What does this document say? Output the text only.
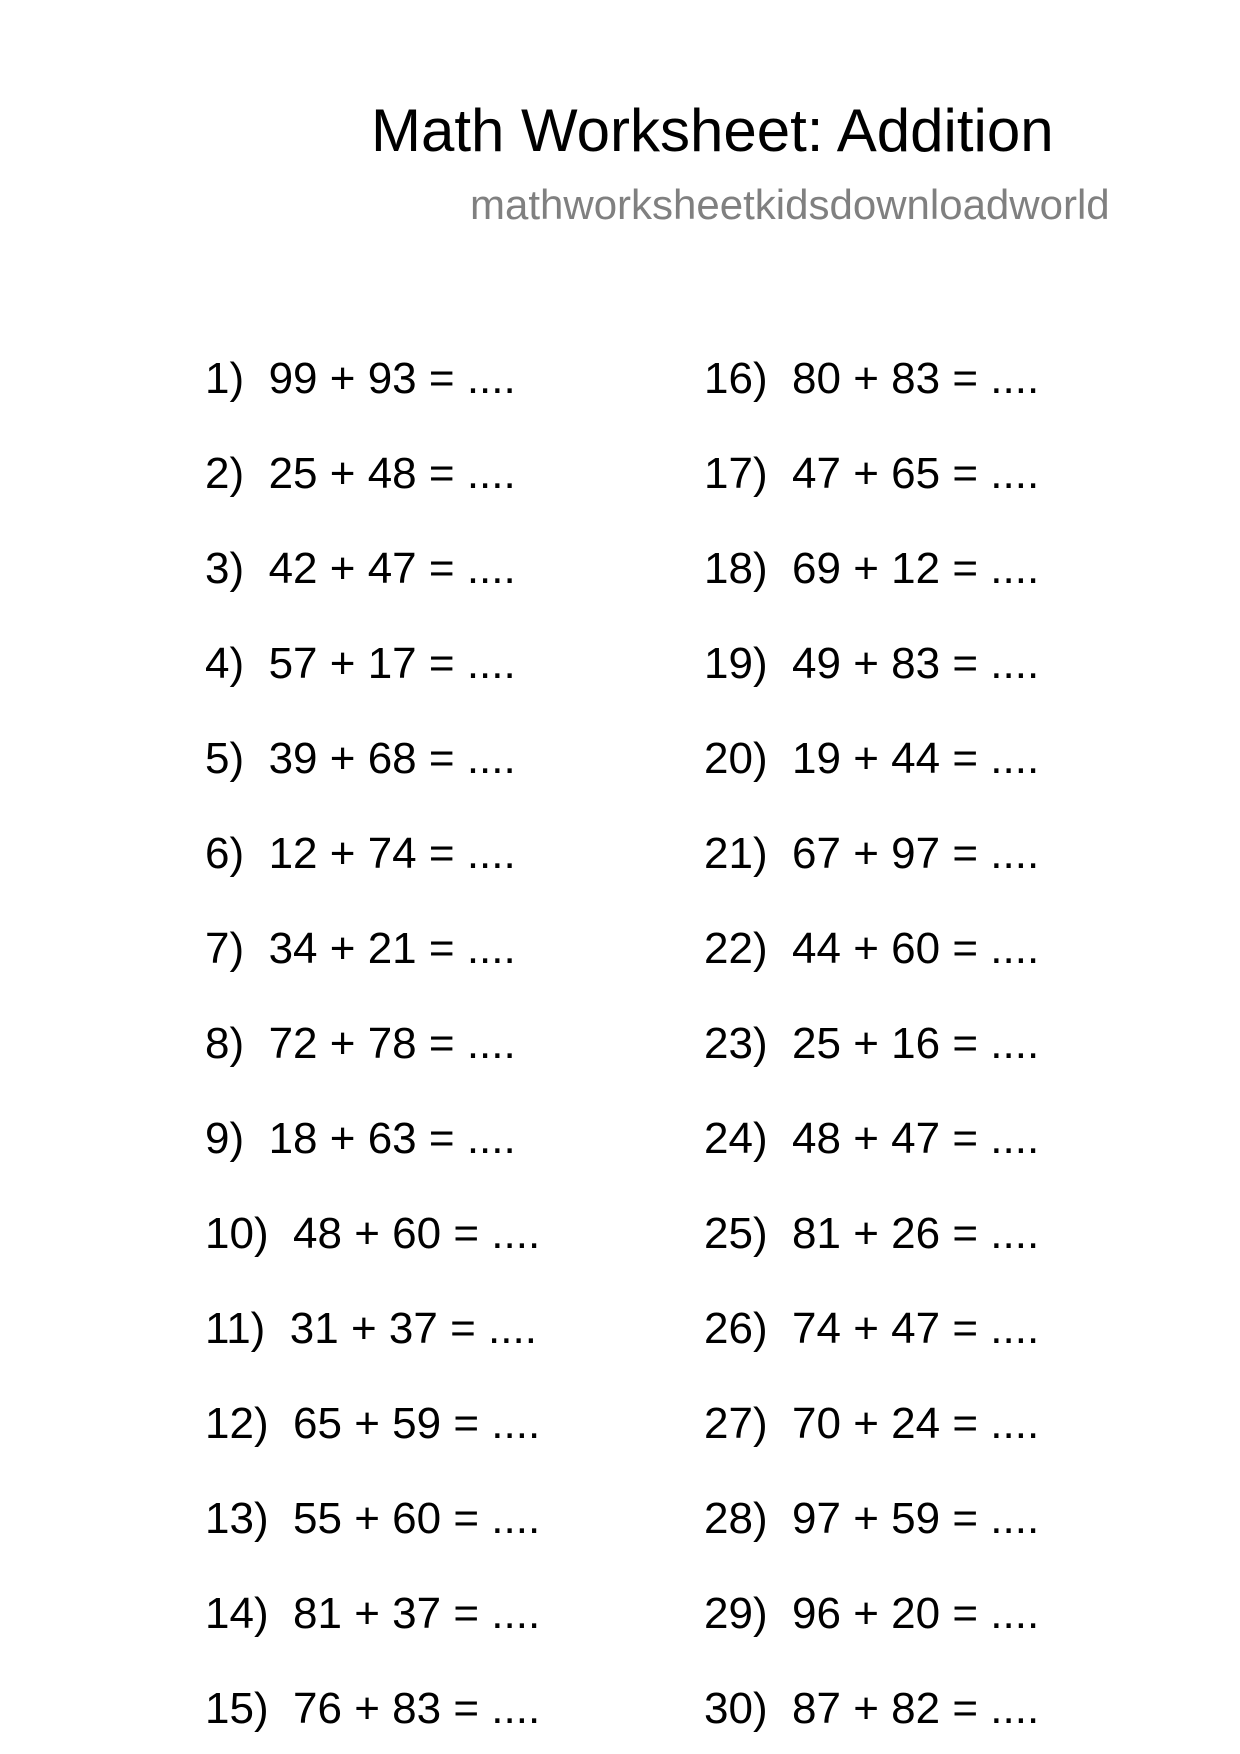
Math Worksheet: Addition
mathworksheetkidsdownloadworld
1) 99 + 93 = ....
2) 25 + 48 = ....
3) 42 + 47 = ....
4) 57 + 17 = ....
5) 39 + 68 = ....
6) 12 + 74 = ....
7) 34 + 21 = ....
8) 72 + 78 = ....
9) 18 + 63 = ....
10) 48 + 60 = ....
11) 31 + 37 = ....
12) 65 + 59 = ....
13) 55 + 60 = ....
14) 81 + 37 = ....
15) 76 + 83 = ....
16) 80 + 83 = ....
17) 47 + 65 = ....
18) 69 + 12 = ....
19) 49 + 83 = ....
20) 19 + 44 = ....
21) 67 + 97 = ....
22) 44 + 60 = ....
23) 25 + 16 = ....
24) 48 + 47 = ....
25) 81 + 26 = ....
26) 74 + 47 = ....
27) 70 + 24 = ....
28) 97 + 59 = ....
29) 96 + 20 = ....
30) 87 + 82 = ....
